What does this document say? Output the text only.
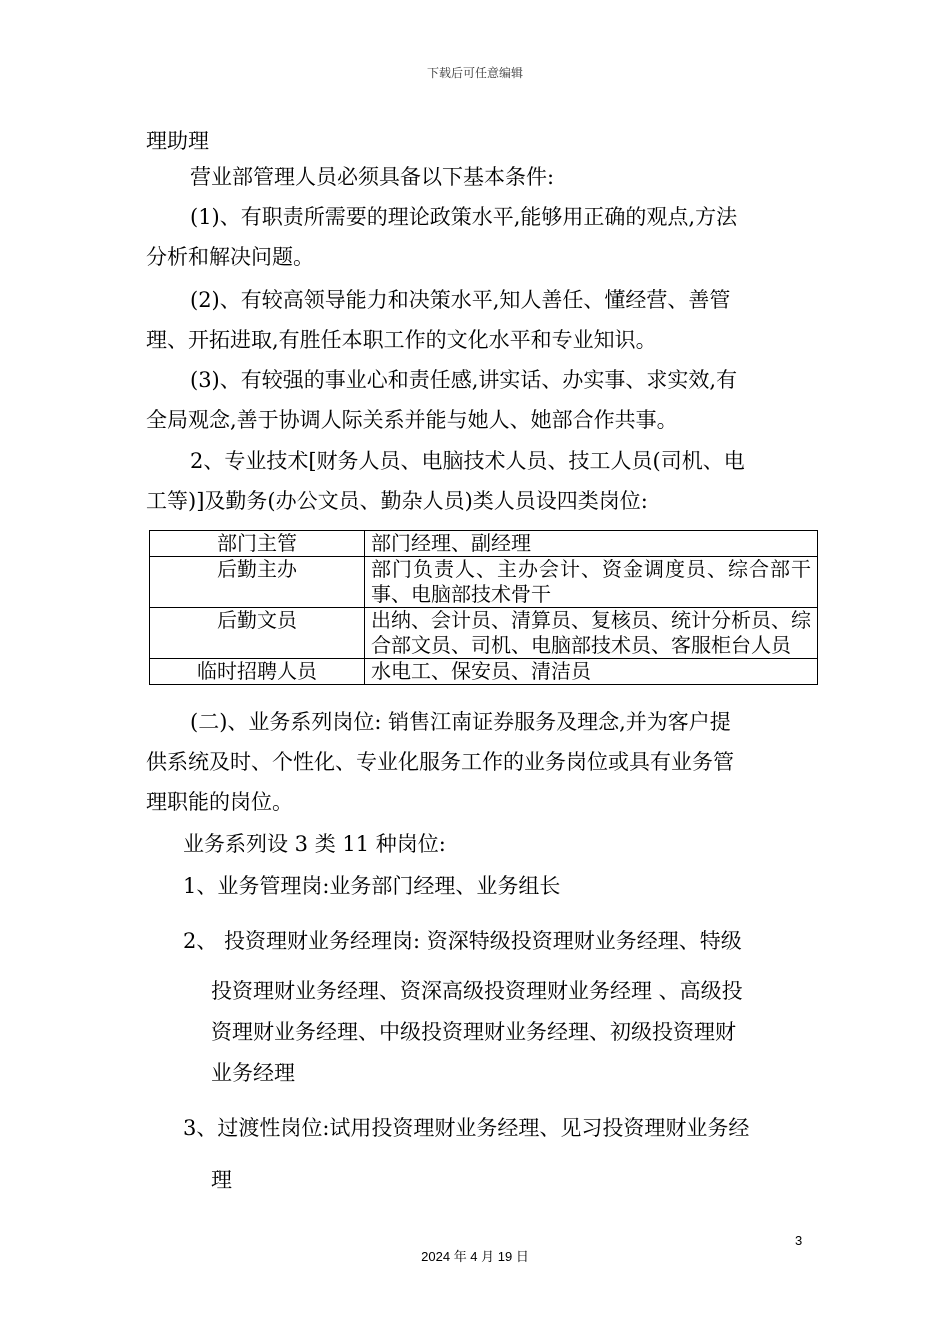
下载后可任意编辑
理助理
营业部管理人员必须具备以下基本条件:
(1)、有职责所需要的理论政策水平,能够用正确的观点,方法
分析和解决问题。
(2)、有较高领导能力和决策水平,知人善任、懂经营、善管
理、开拓进取,有胜任本职工作的文化水平和专业知识。
(3)、有较强的事业心和责任感,讲实话、办实事、求实效,有
全局观念,善于协调人际关系并能与她人、她部合作共事。
2、专业技术[财务人员、电脑技术人员、技工人员(司机、电
工等)]及勤务(办公文员、勤杂人员)类人员设四类岗位:
部门主管	部门经理、副经理
后勤主办	部门负责人、主办会计、资金调度员、综合部干事、电脑部技术骨干
后勤文员	出纳、会计员、清算员、复核员、统计分析员、综合部文员、司机、电脑部技术员、客服柜台人员
临时招聘人员	水电工、保安员、清洁员
(二)、业务系列岗位: 销售江南证券服务及理念,并为客户提
供系统及时、个性化、专业化服务工作的业务岗位或具有业务管
理职能的岗位。
业务系列设 3 类 11 种岗位:
1、业务管理岗:业务部门经理、业务组长
2、 投资理财业务经理岗: 资深特级投资理财业务经理、特级
投资理财业务经理、资深高级投资理财业务经理 、高级投
资理财业务经理、中级投资理财业务经理、初级投资理财
业务经理
3、过渡性岗位:试用投资理财业务经理、见习投资理财业务经
理
3
2024 年 4 月 19 日
